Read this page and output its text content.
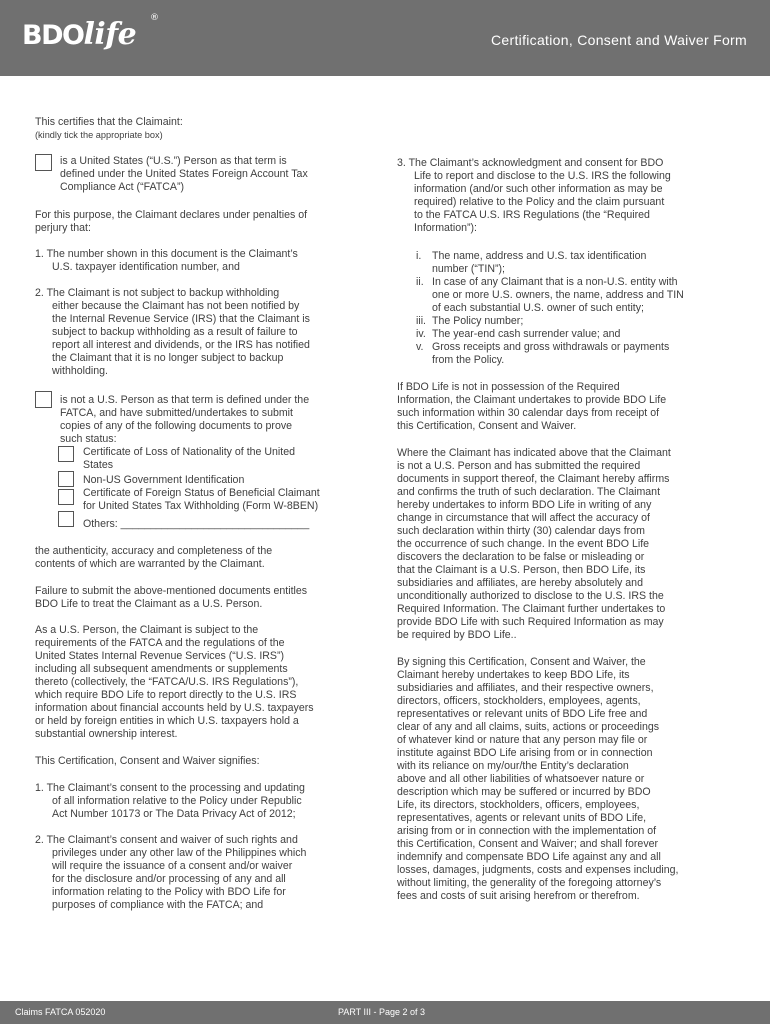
BDOlife ®
Certification, Consent and Waiver Form
This certifies that the Claimaint:
(kindly tick the appropriate box)
is a United States (“U.S.”) Person as that term is
defined under the United States Foreign Account Tax
Compliance Act (“FATCA”)
For this purpose, the Claimant declares under penalties of
perjury that:
1. The number shown in this document is the Claimant’s
U.S. taxpayer identification number, and
2. The Claimant is not subject to backup withholding
either because the Claimant has not been notified by
the Internal Revenue Service (IRS) that the Claimant is
subject to backup withholding as a result of failure to
report all interest and dividends, or the IRS has notified
the Claimant that it is no longer subject to backup
withholding.
is not a U.S. Person as that term is defined under the
FATCA, and have submitted/undertakes to submit
copies of any of the following documents to prove
such status:
Certificate of Loss of Nationality of the United
States
Non-US Government Identification
Certificate of Foreign Status of Beneficial Claimant
for United States Tax Withholding (Form W-8BEN)
Others: ________________________________
the authenticity, accuracy and completeness of the
contents of which are warranted by the Claimant.
Failure to submit the above-mentioned documents entitles
BDO Life to treat the Claimant as a U.S. Person.
As a U.S. Person, the Claimant is subject to the
requirements of the FATCA and the regulations of the
United States Internal Revenue Services (“U.S. IRS”)
including all subsequent amendments or supplements
thereto (collectively, the “FATCA/U.S. IRS Regulations”),
which require BDO Life to report directly to the U.S. IRS
information about financial accounts held by U.S. taxpayers
or held by foreign entities in which U.S. taxpayers hold a
substantial ownership interest.
This Certification, Consent and Waiver signifies:
1. The Claimant’s consent to the processing and updating
of all information relative to the Policy under Republic
Act Number 10173 or The Data Privacy Act of 2012;
2. The Claimant’s consent and waiver of such rights and
privileges under any other law of the Philippines which
will require the issuance of a consent and/or waiver
for the disclosure and/or processing of any and all
information relating to the Policy with BDO Life for
purposes of compliance with the FATCA; and
3. The Claimant’s acknowledgment and consent for BDO
Life to report and disclose to the U.S. IRS the following
information (and/or such other information as may be
required) relative to the Policy and the claim pursuant
to the FATCA U.S. IRS Regulations (the “Required
Information”):
i. The name, address and U.S. tax identification
number (“TIN”);
ii. In case of any Claimant that is a non-U.S. entity with
one or more U.S. owners, the name, address and TIN
of each substantial U.S. owner of such entity;
iii. The Policy number;
iv. The year-end cash surrender value; and
v. Gross receipts and gross withdrawals or payments
from the Policy.
If BDO Life is not in possession of the Required
Information, the Claimant undertakes to provide BDO Life
such information within 30 calendar days from receipt of
this Certification, Consent and Waiver.
Where the Claimant has indicated above that the Claimant
is not a U.S. Person and has submitted the required
documents in support thereof, the Claimant hereby affirms
and confirms the truth of such declaration. The Claimant
hereby undertakes to inform BDO Life in writing of any
change in circumstance that will affect the accuracy of
such declaration within thirty (30) calendar days from
the occurrence of such change. In the event BDO Life
discovers the declaration to be false or misleading or
that the Claimant is a U.S. Person, then BDO Life, its
subsidiaries and affiliates, are hereby absolutely and
unconditionally authorized to disclose to the U.S. IRS the
Required Information. The Claimant further undertakes to
provide BDO Life with such Required Information as may
be required by BDO Life..
By signing this Certification, Consent and Waiver, the
Claimant hereby undertakes to keep BDO Life, its
subsidiaries and affiliates, and their respective owners,
directors, officers, stockholders, employees, agents,
representatives or relevant units of BDO Life free and
clear of any and all claims, suits, actions or proceedings
of whatever kind or nature that any person may file or
institute against BDO Life arising from or in connection
with its reliance on my/our/the Entity’s declaration
above and all other liabilities of whatsoever nature or
description which may be suffered or incurred by BDO
Life, its directors, stockholders, officers, employees,
representatives, agents or relevant units of BDO Life,
arising from or in connection with the implementation of
this Certification, Consent and Waiver; and shall forever
indemnify and compensate BDO Life against any and all
losses, damages, judgments, costs and expenses including,
without limiting, the generality of the foregoing attorney’s
fees and costs of suit arising herefrom or therefrom.
Claims FATCA 052020	PART III - Page 2 of 3
